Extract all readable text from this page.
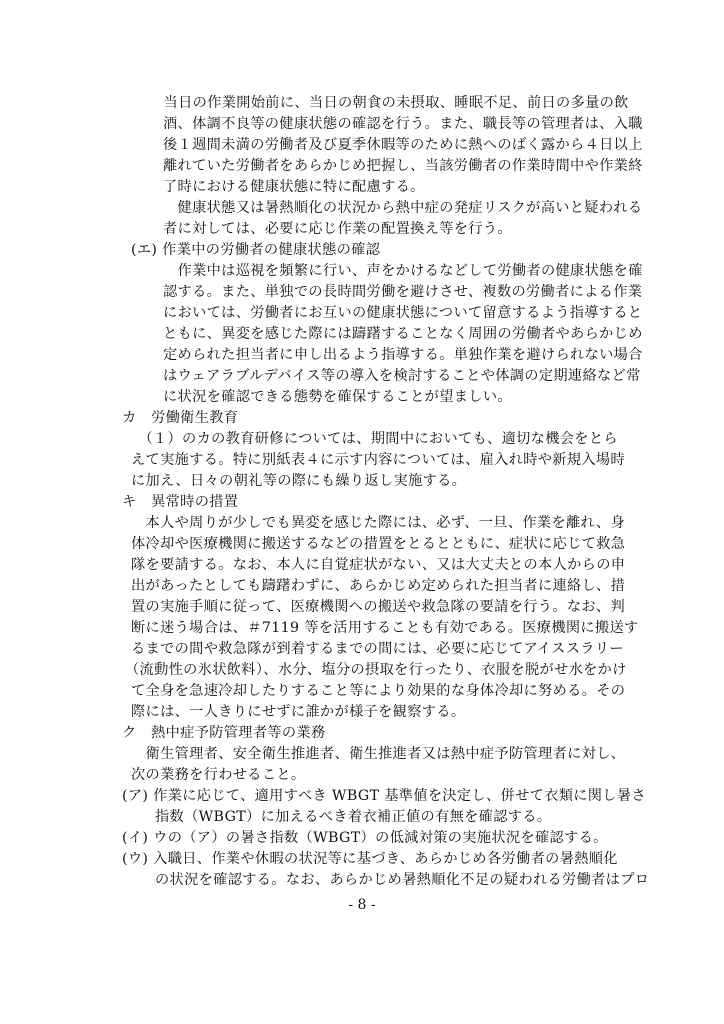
　当日の作業開始前に、当日の朝食の未摂取、睡眠不足、前日の多量の飲
酒、体調不良等の健康状態の確認を行う。また、職長等の管理者は、入職
後１週間未満の労働者及び夏季休暇等のために熱へのばく露から４日以上
離れていた労働者をあらかじめ把握し、当該労働者の作業時間中や作業終
了時における健康状態に特に配慮する。
　健康状態又は暑熱順化の状況から熱中症の発症リスクが高いと疑われる
者に対しては、必要に応じ作業の配置換え等を行う。
(エ) 作業中の労働者の健康状態の確認
　作業中は巡視を頻繁に行い、声をかけるなどして労働者の健康状態を確
認する。また、単独での長時間労働を避けさせ、複数の労働者による作業
においては、労働者にお互いの健康状態について留意するよう指導すると
ともに、異変を感じた際には躊躇することなく周囲の労働者やあらかじめ
定められた担当者に申し出るよう指導する。単独作業を避けられない場合
はウェアラブルデバイス等の導入を検討することや体調の定期連絡など常
に状況を確認できる態勢を確保することが望ましい。
カ　労働衛生教育
　（１）のカの教育研修については、期間中においても、適切な機会をとら
えて実施する。特に別紙表４に示す内容については、雇入れ時や新規入場時
に加え、日々の朝礼等の際にも繰り返し実施する。
キ　異常時の措置
　本人や周りが少しでも異変を感じた際には、必ず、一旦、作業を離れ、身
体冷却や医療機関に搬送するなどの措置をとるとともに、症状に応じて救急
隊を要請する。なお、本人に自覚症状がない、又は大丈夫との本人からの申
出があったとしても躊躇わずに、あらかじめ定められた担当者に連絡し、措
置の実施手順に従って、医療機関への搬送や救急隊の要請を行う。なお、判
断に迷う場合は、＃7119 等を活用することも有効である。医療機関に搬送す
るまでの間や救急隊が到着するまでの間には、必要に応じてアイススラリー
（流動性の氷状飲料）、水分、塩分の摂取を行ったり、衣服を脱がせ水をかけ
て全身を急速冷却したりすること等により効果的な身体冷却に努める。その
際には、一人きりにせずに誰かが様子を観察する。
ク　熱中症予防管理者等の業務
　衛生管理者、安全衛生推進者、衛生推進者又は熱中症予防管理者に対し、
次の業務を行わせること。
(ア) 作業に応じて、適用すべき WBGT 基準値を決定し、併せて衣類に関し暑さ
指数（WBGT）に加えるべき着衣補正値の有無を確認する。
(イ) ウの（ア）の暑さ指数（WBGT）の低減対策の実施状況を確認する。
(ウ) 入職日、作業や休暇の状況等に基づき、あらかじめ各労働者の暑熱順化
の状況を確認する。なお、あらかじめ暑熱順化不足の疑われる労働者はプロ
- 8 -
